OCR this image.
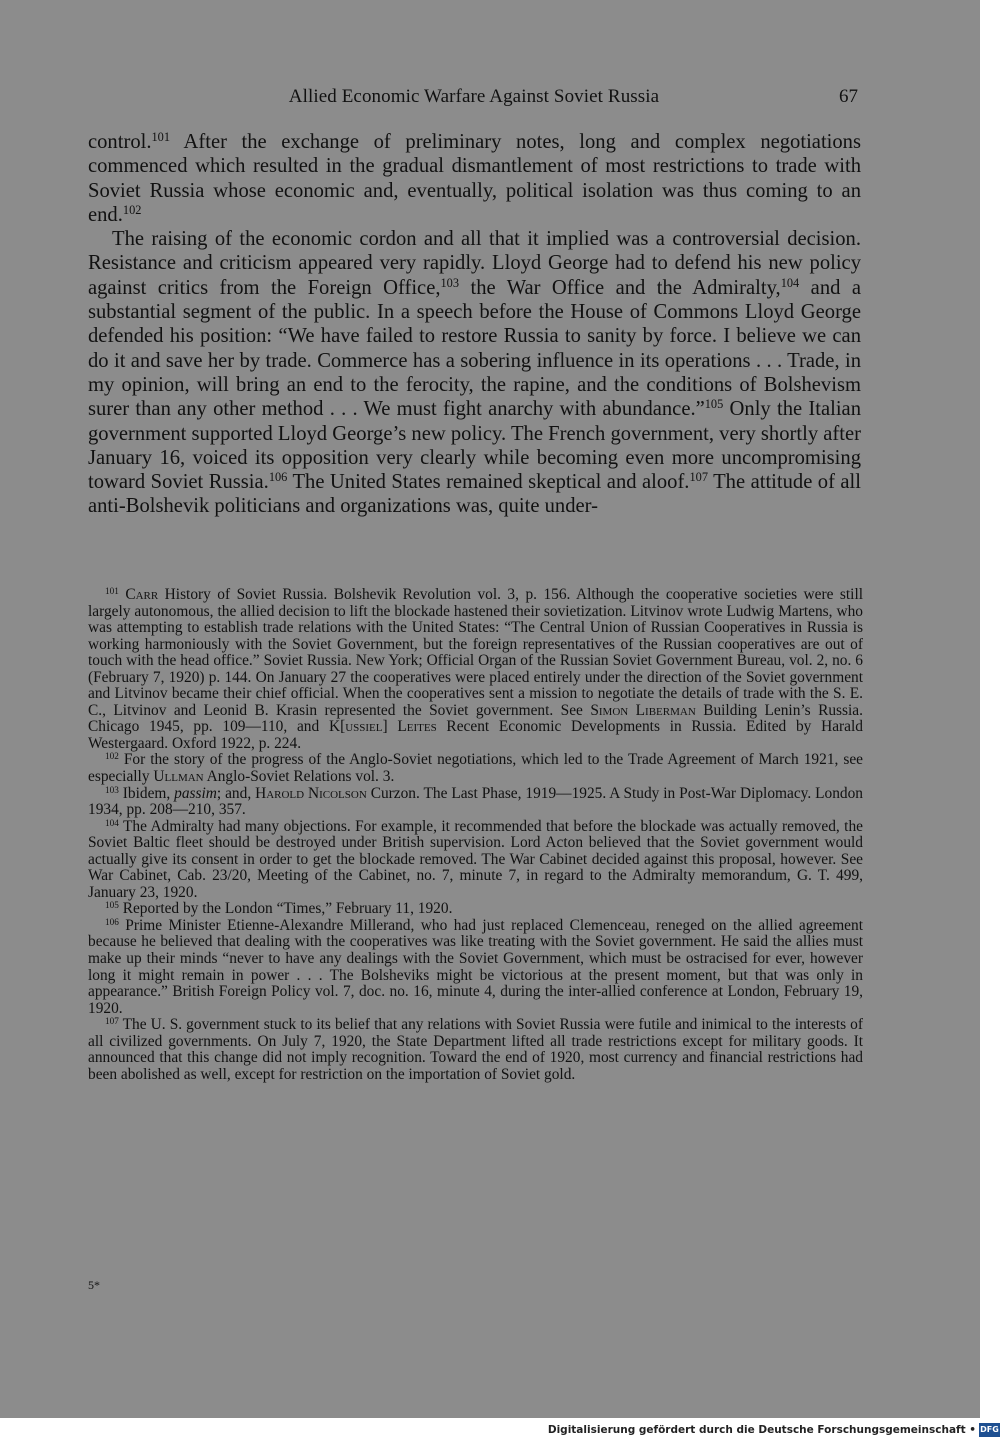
Allied Economic Warfare Against Soviet Russia	67

control.$^{101}$ After the exchange of preliminary notes, long and complex negotiations commenced which resulted in the gradual dismantlement of most restrictions to trade with Soviet Russia whose economic and, eventually, political isolation was thus coming to an end.$^{102}$

The raising of the economic cordon and all that it implied was a controversial decision. Resistance and criticism appeared very rapidly. Lloyd George had to defend his new policy against critics from the Foreign Office,$^{103}$ the War Office and the Admiralty,$^{104}$ and a substantial segment of the public. In a speech before the House of Commons Lloyd George defended his position: “We have failed to restore Russia to sanity by force. I believe we can do it and save her by trade. Commerce has a sobering influence in its operations . . . Trade, in my opinion, will bring an end to the ferocity, the rapine, and the conditions of Bolshevism surer than any other method . . . We must fight anarchy with abundance.”$^{105}$ Only the Italian government supported Lloyd George’s new policy. The French government, very shortly after January 16, voiced its opposition very clearly while becoming even more uncompromising toward Soviet Russia.$^{106}$ The United States remained skeptical and aloof.$^{107}$ The attitude of all anti-Bolshevik politicians and organizations was, quite under-

$^{101}$ Carr History of Soviet Russia. Bolshevik Revolution vol. 3, p. 156. Although the cooperative societies were still largely autonomous, the allied decision to lift the blockade hastened their sovietization. Litvinov wrote Ludwig Martens, who was attempting to establish trade relations with the United States: “The Central Union of Russian Cooperatives in Russia is working harmoniously with the Soviet Government, but the foreign representatives of the Russian cooperatives are out of touch with the head office.” Soviet Russia. New York; Official Organ of the Russian Soviet Government Bureau, vol. 2, no. 6 (February 7, 1920) p. 144. On January 27 the cooperatives were placed entirely under the direction of the Soviet government and Litvinov became their chief official. When the cooperatives sent a mission to negotiate the details of trade with the S. E. C., Litvinov and Leonid B. Krasin represented the Soviet government. See Simon Liberman Building Lenin’s Russia. Chicago 1945, pp. 109—110, and K[ussiel] Leites Recent Economic Developments in Russia. Edited by Harald Westergaard. Oxford 1922, p. 224.

$^{102}$ For the story of the progress of the Anglo-Soviet negotiations, which led to the Trade Agreement of March 1921, see especially Ullman Anglo-Soviet Relations vol. 3.

$^{103}$ Ibidem, passim; and, Harold Nicolson Curzon. The Last Phase, 1919—1925. A Study in Post-War Diplomacy. London 1934, pp. 208—210, 357.

$^{104}$ The Admiralty had many objections. For example, it recommended that before the blockade was actually removed, the Soviet Baltic fleet should be destroyed under British supervision. Lord Acton believed that the Soviet government would actually give its consent in order to get the blockade removed. The War Cabinet decided against this proposal, however. See War Cabinet, Cab. 23/20, Meeting of the Cabinet, no. 7, minute 7, in regard to the Admiralty memorandum, G. T. 499, January 23, 1920.

$^{105}$ Reported by the London “Times,” February 11, 1920.

$^{106}$ Prime Minister Etienne-Alexandre Millerand, who had just replaced Clemenceau, reneged on the allied agreement because he believed that dealing with the cooperatives was like treating with the Soviet government. He said the allies must make up their minds “never to have any dealings with the Soviet Government, which must be ostracised for ever, however long it might remain in power . . . The Bolsheviks might be victorious at the present moment, but that was only in appearance.” British Foreign Policy vol. 7, doc. no. 16, minute 4, during the inter-allied conference at London, February 19, 1920.

$^{107}$ The U. S. government stuck to its belief that any relations with Soviet Russia were futile and inimical to the interests of all civilized governments. On July 7, 1920, the State Department lifted all trade restrictions except for military goods. It announced that this change did not imply recognition. Toward the end of 1920, most currency and financial restrictions had been abolished as well, except for restriction on the importation of Soviet gold.

5*
Digitalisierung gefördert durch die Deutsche Forschungsgemeinschaft • DFG
